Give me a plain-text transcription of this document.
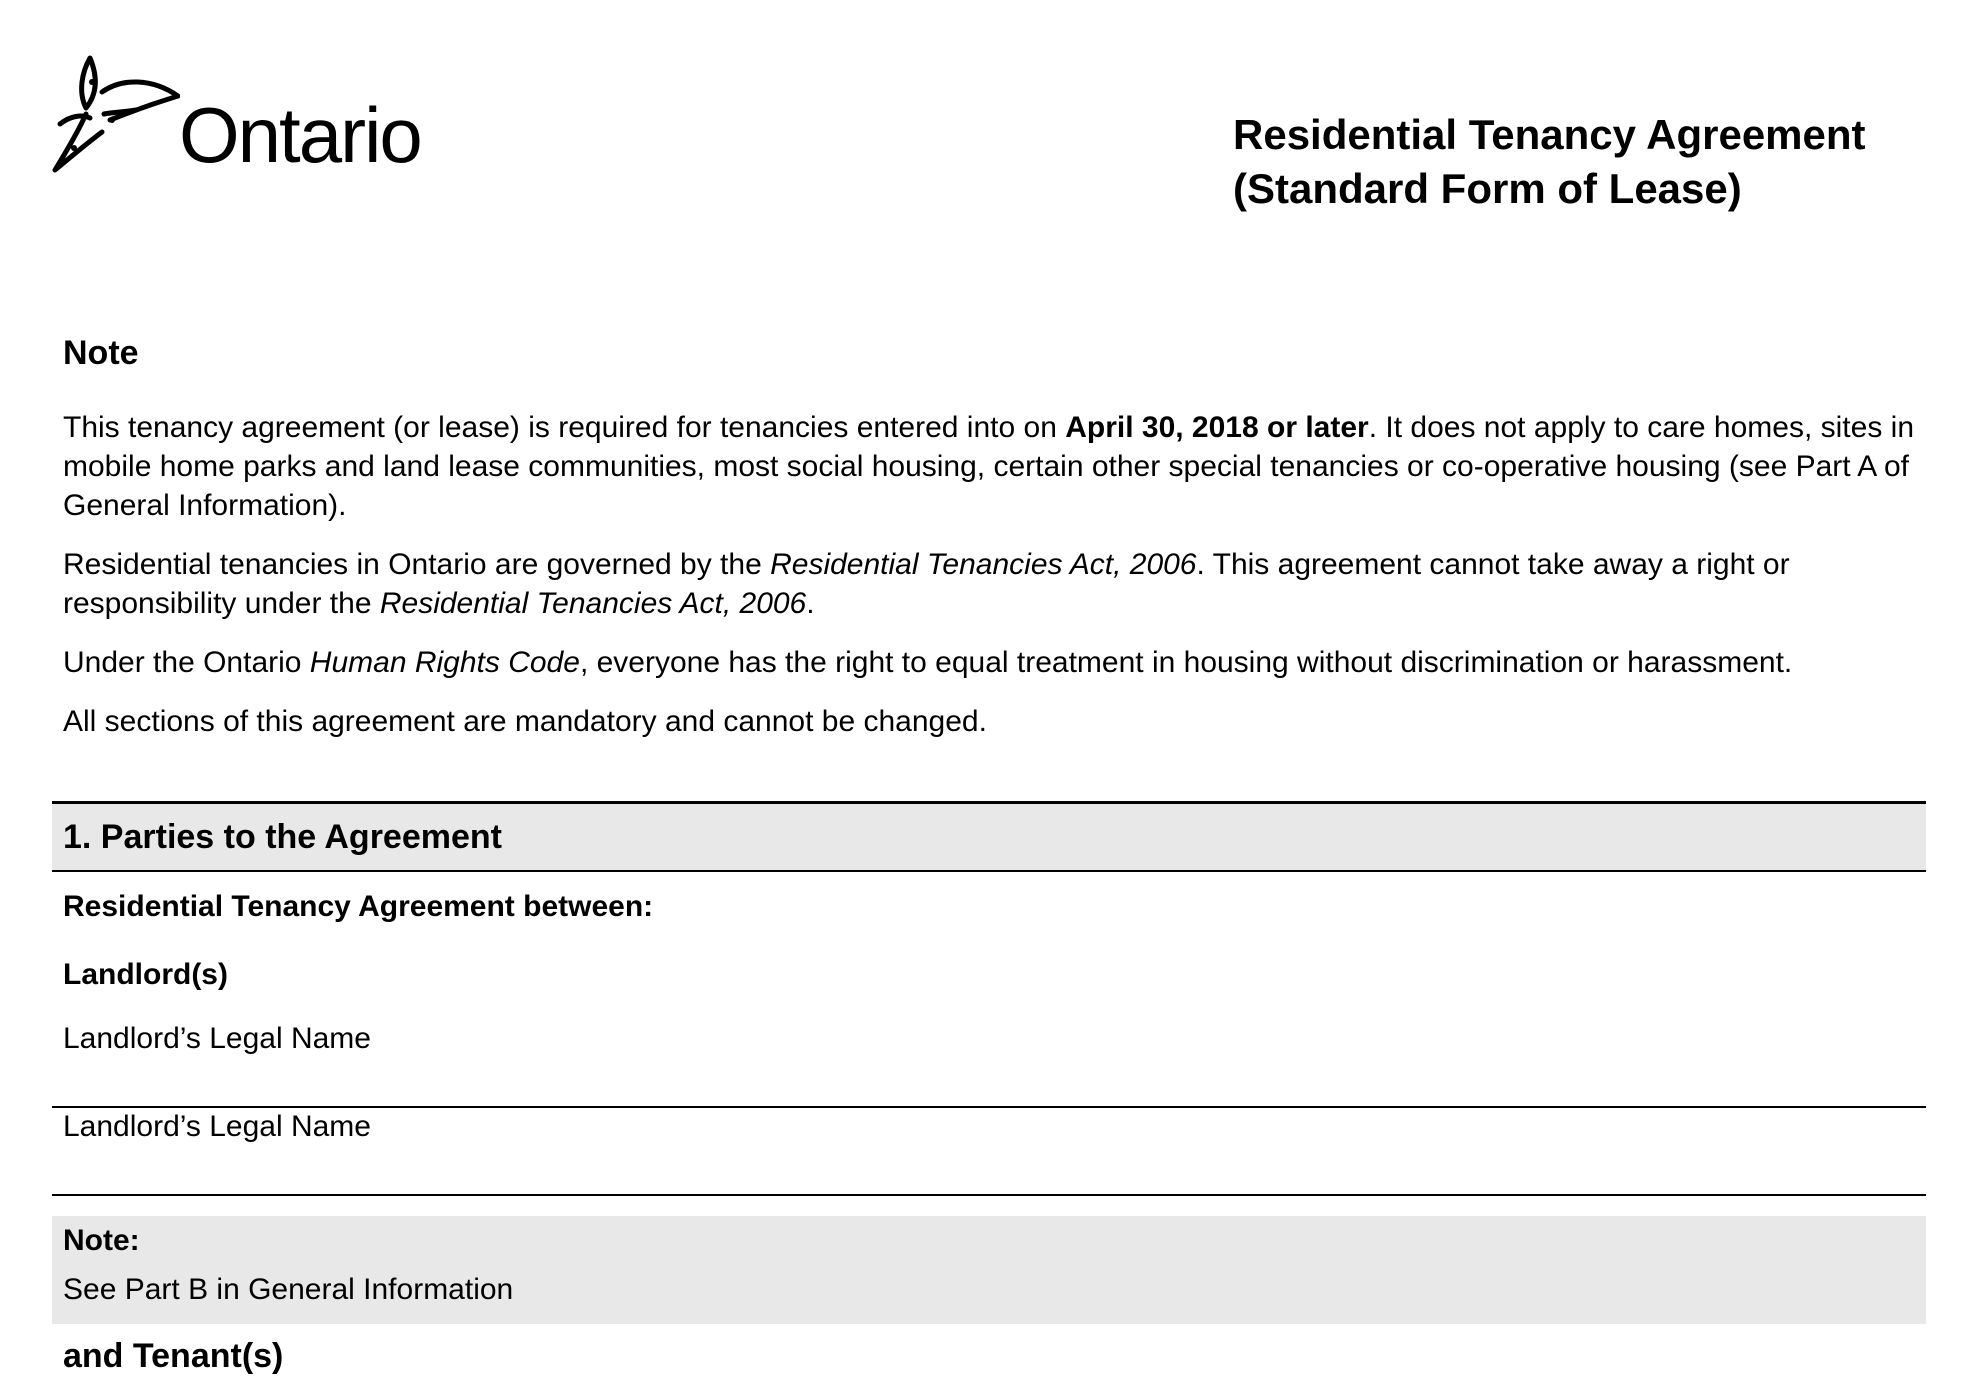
Ontario	Residential Tenancy Agreement
(Standard Form of Lease)
Note

This tenancy agreement (or lease) is required for tenancies entered into on April 30, 2018 or later. It does not apply to care homes, sites in mobile home parks and land lease communities, most social housing, certain other special tenancies or co-operative housing (see Part A of General Information).

Residential tenancies in Ontario are governed by the Residential Tenancies Act, 2006. This agreement cannot take away a right or responsibility under the Residential Tenancies Act, 2006.

Under the Ontario Human Rights Code, everyone has the right to equal treatment in housing without discrimination or harassment.

All sections of this agreement are mandatory and cannot be changed.

1. Parties to the Agreement
Residential Tenancy Agreement between:
Landlord(s)
Landlord’s Legal Name
Landlord’s Legal Name
Note:
See Part B in General Information
and Tenant(s)
